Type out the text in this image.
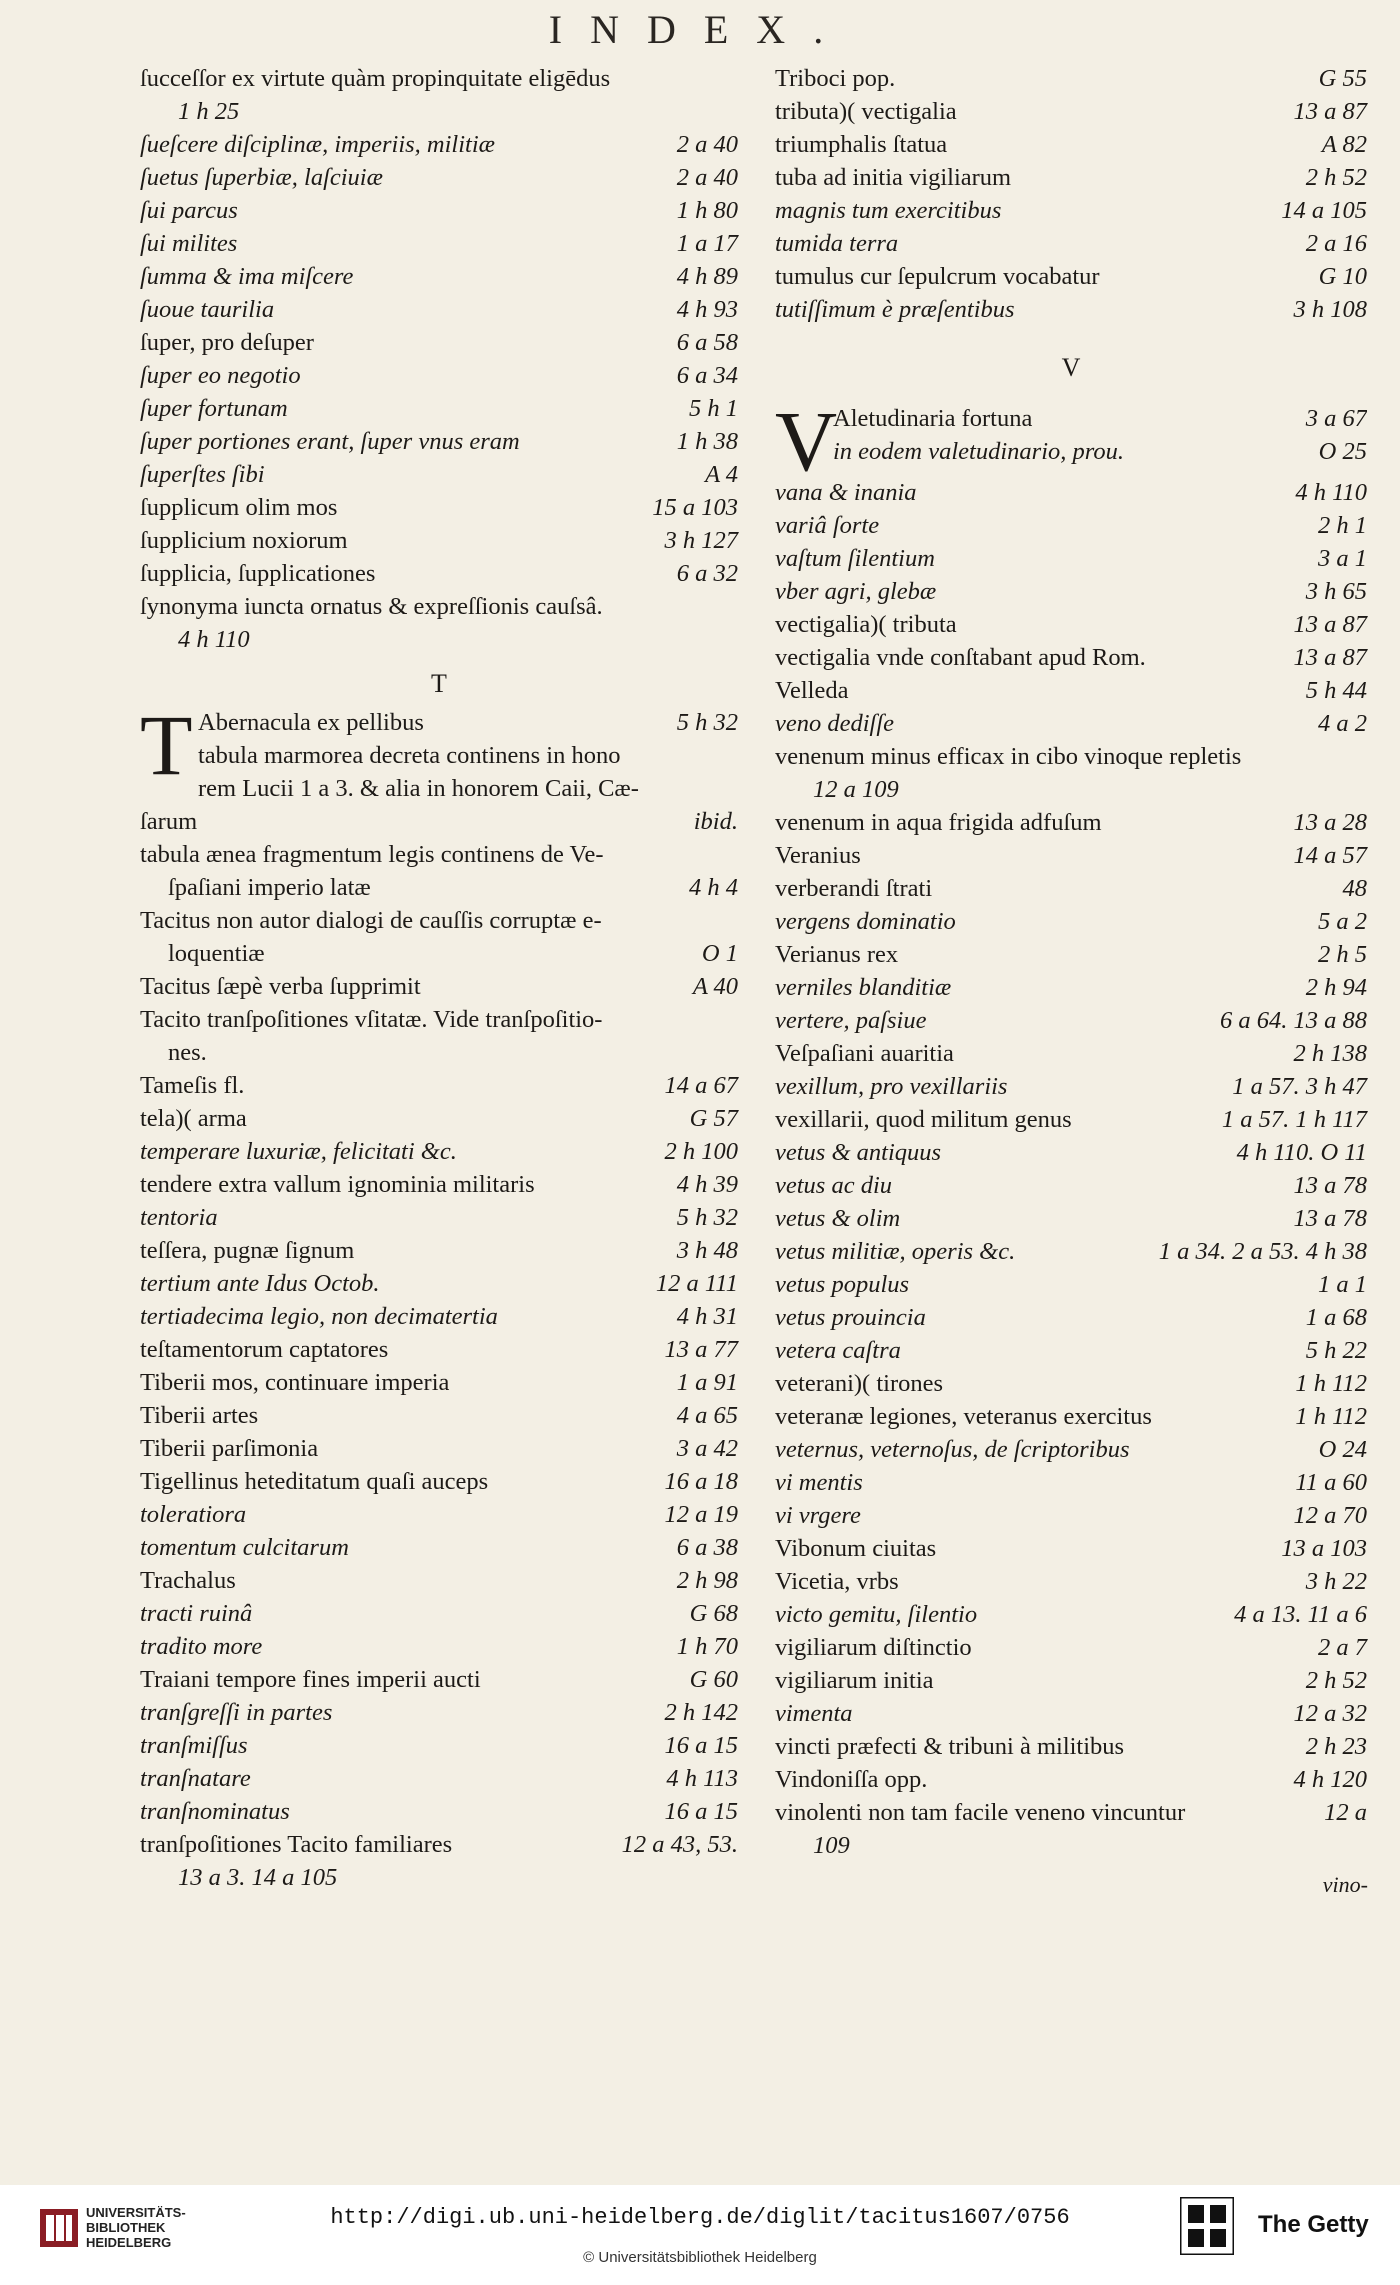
INDEX.
ſucceſſor ex virtute quàm propinquitate eligēdus
1 h 25
ſueſcere diſciplinæ, imperiis, militiæ	2 a 40
ſuetus ſuperbiæ, laſciuiæ	2 a 40
ſui parcus	1 h 80
ſui milites	1 a 17
ſumma & ima miſcere	4 h 89
ſuoue taurilia	4 h 93
ſuper, pro deſuper	6 a 58
ſuper eo negotio	6 a 34
ſuper fortunam	5 h 1
ſuper portiones erant, ſuper vnus eram	1 h 38
ſuperſtes ſibi	A 4
ſupplicum olim mos	15 a 103
ſupplicium noxiorum	3 h 127
ſupplicia, ſupplicationes	6 a 32
ſynonyma iuncta ornatus & expreſſionis cauſsâ.
4 h 110
T
T Abernacula ex pellibus	5 h 32
tabula marmorea decreta continens in hono
rem Lucii 1 a 3. & alia in honorem Caii, Cæ-
ſarum	ibid.
tabula ænea fragmentum legis continens de Ve-
ſpaſiani imperio latæ	4 h 4
Tacitus non autor dialogi de cauſſis corruptæ e-
loquentiæ	O 1
Tacitus ſæpè verba ſupprimit	A 40
Tacito tranſpoſitiones vſitatæ. Vide tranſpoſitio-
nes.
Tameſis fl.	14 a 67
tela)( arma	G 57
temperare luxuriæ, felicitati &c.	2 h 100
tendere extra vallum ignominia militaris	4 h 39
tentoria	5 h 32
teſſera, pugnæ ſignum	3 h 48
tertium ante Idus Octob.	12 a 111
tertiadecima legio, non decimatertia	4 h 31
teſtamentorum captatores	13 a 77
Tiberii mos, continuare imperia	1 a 91
Tiberii artes	4 a 65
Tiberii parſimonia	3 a 42
Tigellinus heteditatum quaſi auceps	16 a 18
toleratiora	12 a 19
tomentum culcitarum	6 a 38
Trachalus	2 h 98
tracti ruinâ	G 68
tradito more	1 h 70
Traiani tempore fines imperii aucti	G 60
tranſgreſſi in partes	2 h 142
tranſmiſſus	16 a 15
tranſnatare	4 h 113
tranſnominatus	16 a 15
tranſpoſitiones Tacito familiares	12 a 43, 53.
13 a 3. 14 a 105
Triboci pop.	G 55
tributa)( vectigalia	13 a 87
triumphalis ſtatua	A 82
tuba ad initia vigiliarum	2 h 52
magnis tum exercitibus	14 a 105
tumida terra	2 a 16
tumulus cur ſepulcrum vocabatur	G 10
tutiſſimum è præſentibus	3 h 108
V
V
Aletudinaria fortuna	3 a 67
in eodem valetudinario, prou.	O 25
vana & inania	4 h 110
variâ ſorte	2 h 1
vaſtum ſilentium	3 a 1
vber agri, glebæ	3 h 65
vectigalia)( tributa	13 a 87
vectigalia vnde conſtabant apud Rom.	13 a 87
Velleda	5 h 44
veno dediſſe	4 a 2
venenum minus efficax in cibo vinoque repletis
12 a 109
venenum in aqua frigida adfuſum	13 a 28
Veranius	14 a 57
verberandi ſtrati	48
vergens dominatio	5 a 2
Verianus rex	2 h 5
verniles blanditiæ	2 h 94
vertere, paſsiue	6 a 64. 13 a 88
Veſpaſiani auaritia	2 h 138
vexillum, pro vexillariis	1 a 57. 3 h 47
vexillarii, quod militum genus	1 a 57. 1 h 117
vetus & antiquus	4 h 110. O 11
vetus ac diu	13 a 78
vetus & olim	13 a 78
vetus militiæ, operis &c.	1 a 34. 2 a 53. 4 h 38
vetus populus	1 a 1
vetus prouincia	1 a 68
vetera caſtra	5 h 22
veterani)( tirones	1 h 112
veteranæ legiones, veteranus exercitus	1 h 112
veternus, veternoſus, de ſcriptoribus	O 24
vi mentis	11 a 60
vi vrgere	12 a 70
Vibonum ciuitas	13 a 103
Vicetia, vrbs	3 h 22
victo gemitu, ſilentio	4 a 13. 11 a 6
vigiliarum diſtinctio	2 a 7
vigiliarum initia	2 h 52
vimenta	12 a 32
vincti præfecti & tribuni à militibus	2 h 23
Vindoniſſa opp.	4 h 120
vinolenti non tam facile veneno vincuntur	12 a
109
vino-
UNIVERSITÄTS-
BIBLIOTHEK
HEIDELBERG
http://digi.ub.uni-heidelberg.de/diglit/tacitus1607/0756
© Universitätsbibliothek Heidelberg
The Getty
